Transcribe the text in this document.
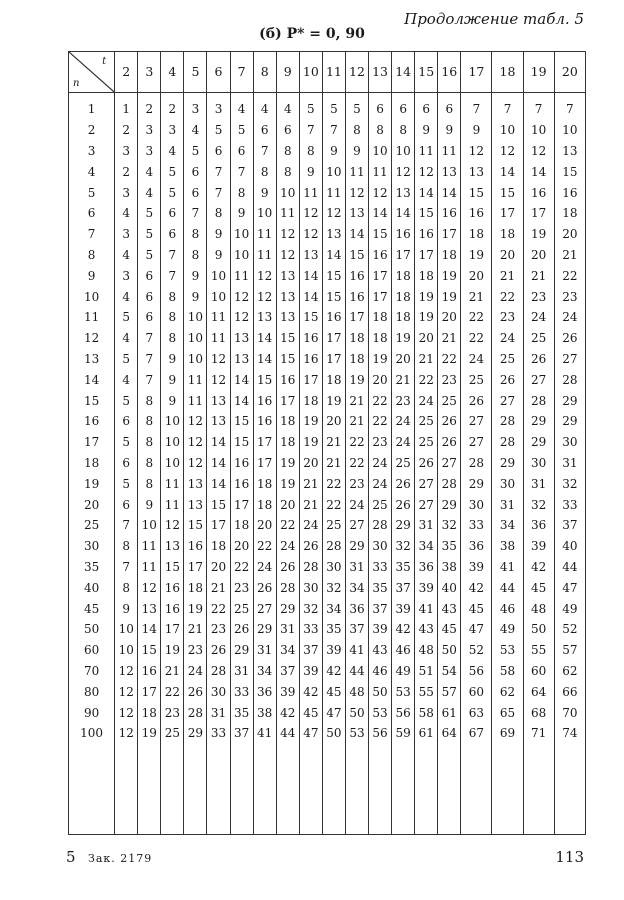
Продолжение табл. 5
(б) P* = 0, 90
t
n	2	3	4	5	6	7	8	9	10	11	12	13	14	15	16	17	18	19	20
1	1	2	2	3	3	4	4	4	5	5	5	6	6	6	6	7	7	7	7
2	2	3	3	4	5	5	6	6	7	7	8	8	8	9	9	9	10	10	10
3	3	3	4	5	6	6	7	8	8	9	9	10	10	11	11	12	12	12	13
4	2	4	5	6	7	7	8	8	9	10	11	11	12	12	13	13	14	14	15
5	3	4	5	6	7	8	9	10	11	11	12	12	13	14	14	15	15	16	16
6	4	5	6	7	8	9	10	11	12	12	13	14	14	15	16	16	17	17	18
7	3	5	6	8	9	10	11	12	12	13	14	15	16	16	17	18	18	19	20
8	4	5	7	8	9	10	11	12	13	14	15	16	17	17	18	19	20	20	21
9	3	6	7	9	10	11	12	13	14	15	16	17	18	18	19	20	21	21	22
10	4	6	8	9	10	12	12	13	14	15	16	17	18	19	19	21	22	23	23
11	5	6	8	10	11	12	13	13	15	16	17	18	18	19	20	22	23	24	24
12	4	7	8	10	11	13	14	15	16	17	18	18	19	20	21	22	24	25	26
13	5	7	9	10	12	13	14	15	16	17	18	19	20	21	22	24	25	26	27
14	4	7	9	11	12	14	15	16	17	18	19	20	21	22	23	25	26	27	28
15	5	8	9	11	13	14	16	17	18	19	21	22	23	24	25	26	27	28	29
16	6	8	10	12	13	15	16	18	19	20	21	22	24	25	26	27	28	29	29
17	5	8	10	12	14	15	17	18	19	21	22	23	24	25	26	27	28	29	30
18	6	8	10	12	14	16	17	19	20	21	22	24	25	26	27	28	29	30	31
19	5	8	11	13	14	16	18	19	21	22	23	24	26	27	28	29	30	31	32
20	6	9	11	13	15	17	18	20	21	22	24	25	26	27	29	30	31	32	33
25	7	10	12	15	17	18	20	22	24	25	27	28	29	31	32	33	34	36	37
30	8	11	13	16	18	20	22	24	26	28	29	30	32	34	35	36	38	39	40
35	7	11	15	17	20	22	24	26	28	30	31	33	35	36	38	39	41	42	44
40	8	12	16	18	21	23	26	28	30	32	34	35	37	39	40	42	44	45	47
45	9	13	16	19	22	25	27	29	32	34	36	37	39	41	43	45	46	48	49
50	10	14	17	21	23	26	29	31	33	35	37	39	42	43	45	47	49	50	52
60	10	15	19	23	26	29	31	34	37	39	41	43	46	48	50	52	53	55	57
70	12	16	21	24	28	31	34	37	39	42	44	46	49	51	54	56	58	60	62
80	12	17	22	26	30	33	36	39	42	45	48	50	53	55	57	60	62	64	66
90	12	18	23	28	31	35	38	42	45	47	50	53	56	58	61	63	65	68	70
100	12	19	25	29	33	37	41	44	47	50	53	56	59	61	64	67	69	71	74

5 Зак. 2179	113
